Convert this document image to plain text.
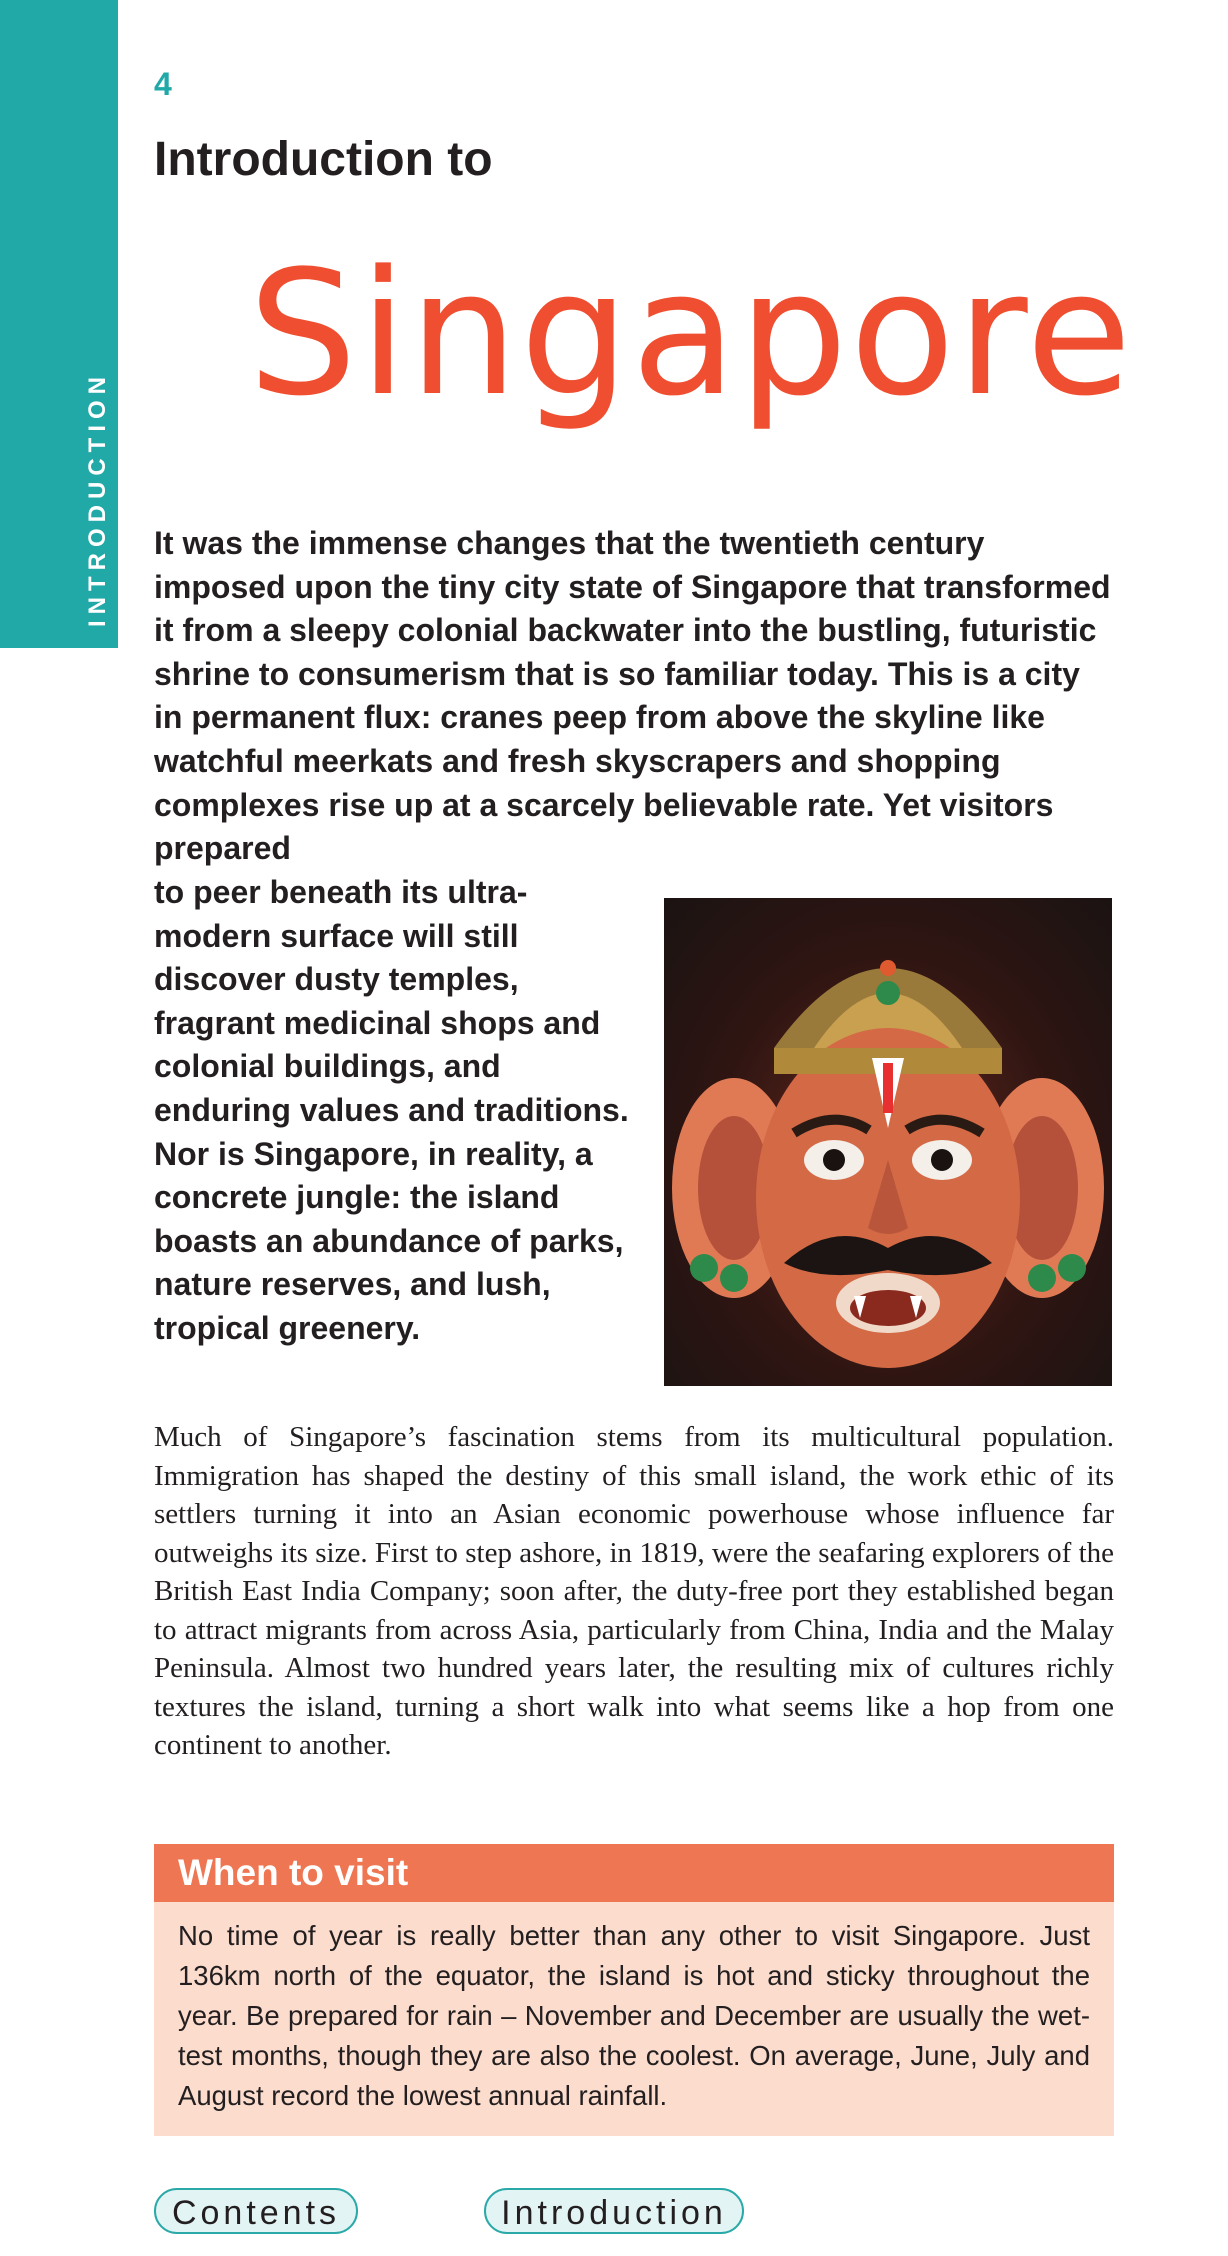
INTRODUCTION
4
Introduction to
Singapore

It was the immense changes that the twentieth century imposed upon the tiny city state of Singapore that transformed it from a sleepy colonial backwater into the bustling, futuristic shrine to consumerism that is so familiar today. This is a city in permanent flux: cranes peep from above the skyline like watchful meerkats and fresh skyscrapers and shopping complexes rise up at a scarcely believable rate. Yet visitors prepared

to peer beneath its ultra-modern surface will still discover dusty temples, fragrant medicinal shops and colonial buildings, and enduring values and traditions. Nor is Singapore, in reality, a concrete jungle: the island boasts an abundance of parks, nature reserves, and lush, tropical greenery.

Much of Singapore’s fascination stems from its multicultural population. Immigration has shaped the destiny of this small island, the work ethic of its settlers turning it into an Asian economic powerhouse whose influence far outweighs its size. First to step ashore, in 1819, were the seafaring explorers of the British East India Company; soon after, the duty-free port they established began to attract migrants from across Asia, particularly from China, India and the Malay Peninsula. Almost two hundred years later, the resulting mix of cultures richly textures the island, turning a short walk into what seems like a hop from one continent to another.

When to visit

No time of year is really better than any other to visit Singapore. Just 136km north of the equator, the island is hot and sticky throughout the year. Be prepared for rain – November and December are usually the wet-test months, though they are also the coolest. On average, June, July and August record the lowest annual rainfall.

Contents	Introduction
